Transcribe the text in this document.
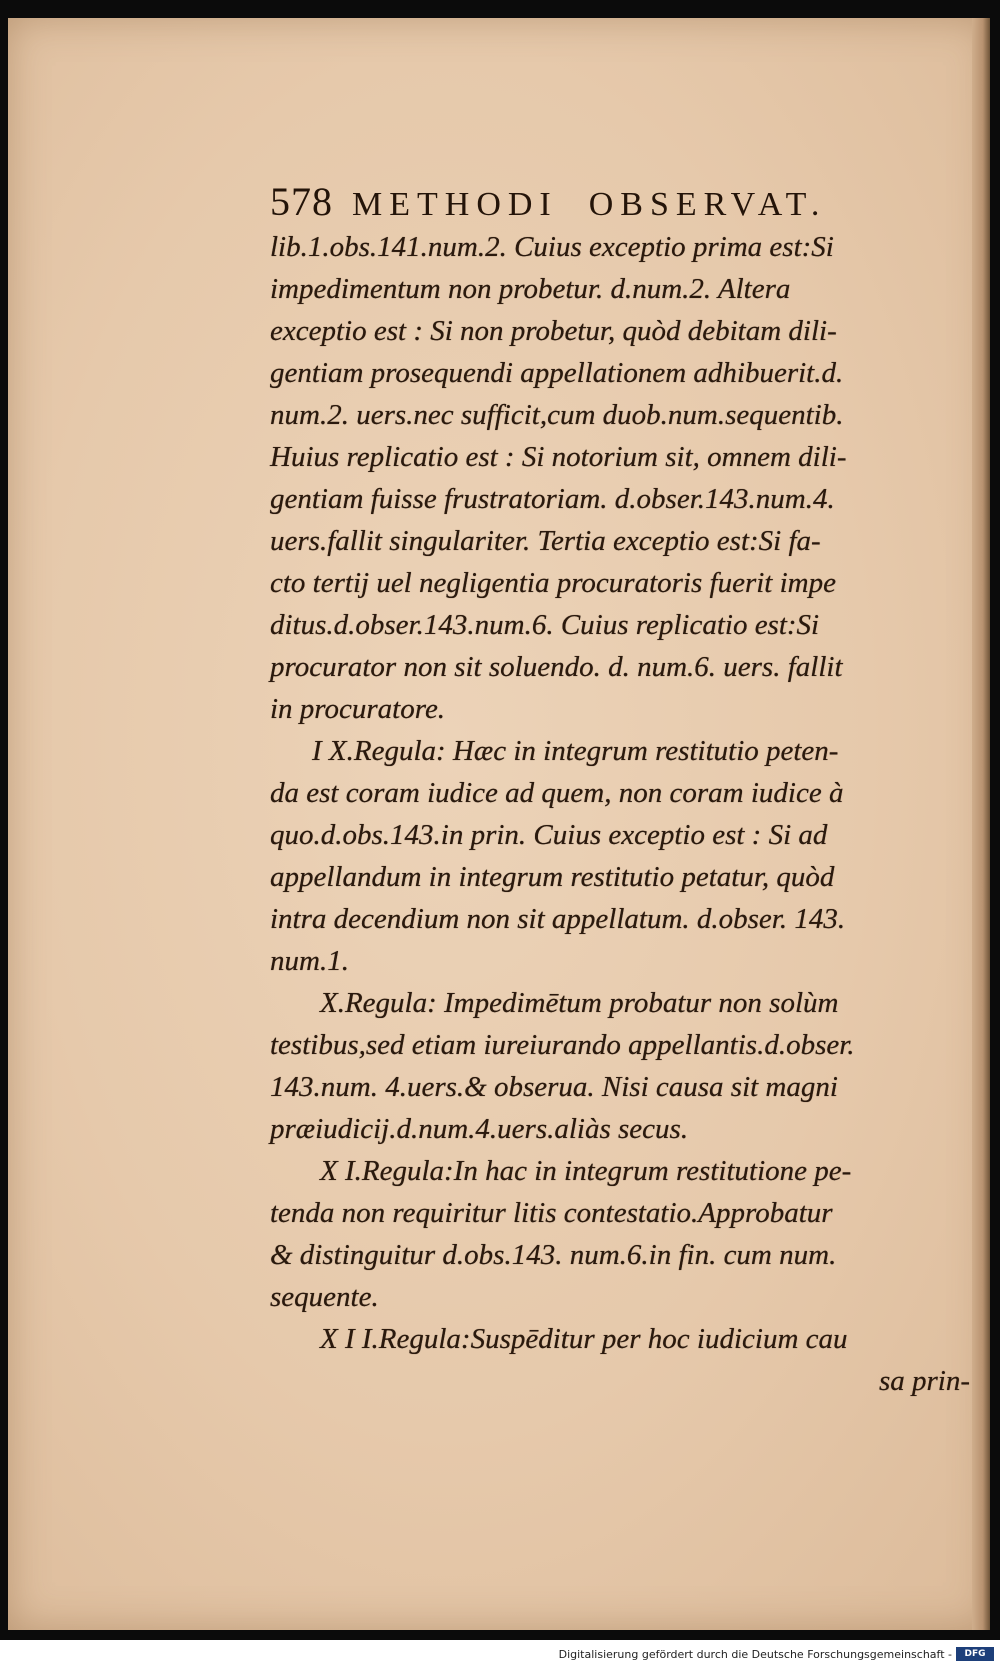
578 METHODI  OBSERVAT.

lib.1.obs.141.num.2. Cuius exceptio prima est:Si

impedimentum non probetur. d.num.2. Altera

exceptio est : Si non probetur, quòd debitam dili-

gentiam prosequendi appellationem adhibuerit.d.

num.2. uers.nec sufficit,cum duob.num.sequentib.

Huius replicatio est : Si notorium sit, omnem dili-

gentiam fuisse frustratoriam. d.obser.143.num.4.

uers.fallit singulariter. Tertia exceptio est:Si fa-

cto tertij uel negligentia procuratoris fuerit impe

ditus.d.obser.143.num.6. Cuius replicatio est:Si

procurator non sit soluendo. d. num.6. uers. fallit

in procuratore.

I X.Regula: Hæc in integrum restitutio peten-

da est coram iudice ad quem, non coram iudice à

quo.d.obs.143.in prin. Cuius exceptio est : Si ad

appellandum in integrum restitutio petatur, quòd

intra decendium non sit appellatum. d.obser. 143.

num.1.

X.Regula: Impedimētum probatur non solùm

testibus,sed etiam iureiurando appellantis.d.obser.

143.num. 4.uers.& obserua. Nisi causa sit magni

præiudicij.d.num.4.uers.aliàs secus.

X I.Regula:In hac in integrum restitutione pe-

tenda non requiritur litis contestatio.Approbatur

& distinguitur d.obs.143. num.6.in fin. cum num.

sequente.

X I I.Regula:Suspēditur per hoc iudicium cau

sa prin-

Digitalisierung gefördert durch die Deutsche Forschungsgemeinschaft -	DFG
